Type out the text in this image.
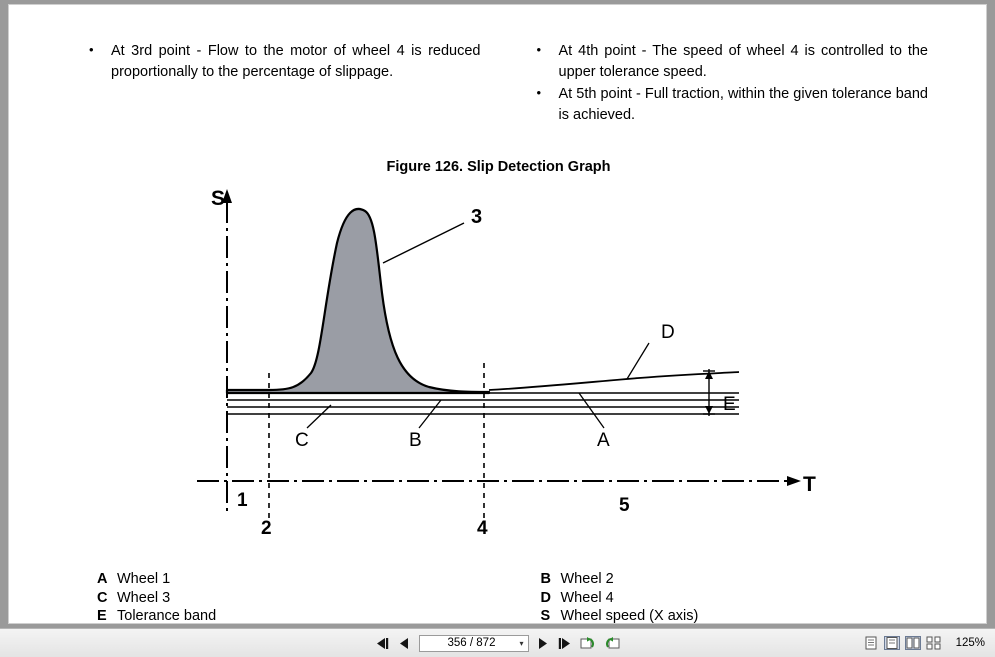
•	At 3rd point - Flow to the motor of wheel 4 is reduced proportionally to the percentage of slippage.
•	At 4th point - The speed of wheel 4 is controlled to the upper tolerance speed.
•	At 5th point - Full traction, within the given tolerance band is achieved.
Figure 126. Slip Detection Graph
S
T
3
D
E
C	B	A
1
2	4
5
A Wheel 1
C Wheel 3
E Tolerance band
B Wheel 2
D Wheel 4
S Wheel speed (X axis)
356 / 872	▾	125%
